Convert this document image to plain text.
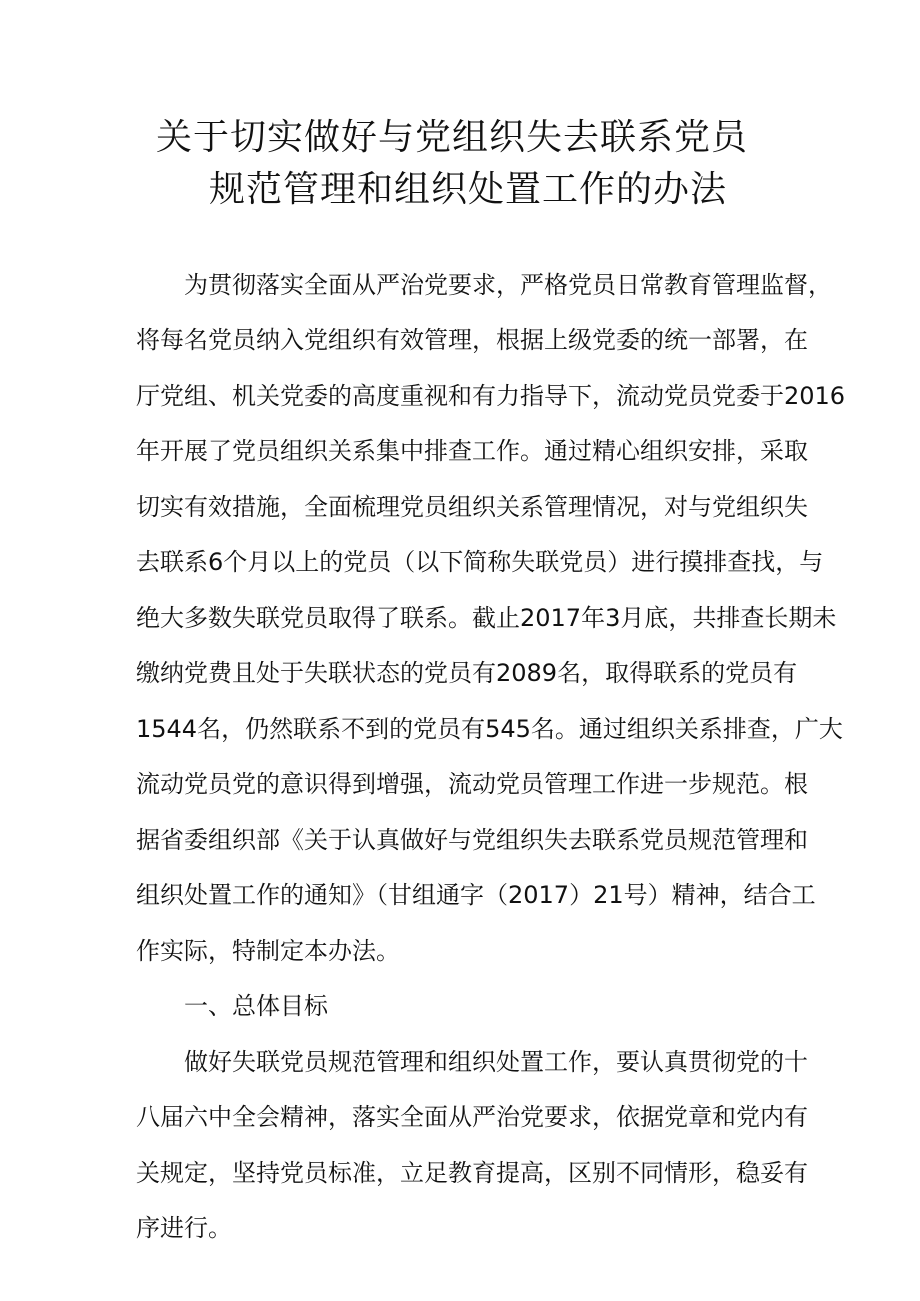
关于切实做好与党组织失去联系党员
规范管理和组织处置工作的办法
为贯彻落实全面从严治党要求，严格党员日常教育管理监督，
将每名党员纳入党组织有效管理，根据上级党委的统一部署，在
厅党组、机关党委的高度重视和有力指导下，流动党员党委于2016
年开展了党员组织关系集中排查工作。通过精心组织安排，采取
切实有效措施，全面梳理党员组织关系管理情况，对与党组织失
去联系6个月以上的党员（以下简称失联党员）进行摸排查找，与
绝大多数失联党员取得了联系。截止2017年3月底，共排查长期未
缴纳党费且处于失联状态的党员有2089名，取得联系的党员有
1544名，仍然联系不到的党员有545名。通过组织关系排查，广大
流动党员党的意识得到增强，流动党员管理工作进一步规范。根
据省委组织部《关于认真做好与党组织失去联系党员规范管理和
组织处置工作的通知》（甘组通字（2017）21号）精神，结合工
作实际，特制定本办法。
一、总体目标
做好失联党员规范管理和组织处置工作，要认真贯彻党的十
八届六中全会精神，落实全面从严治党要求，依据党章和党内有
关规定，坚持党员标准，立足教育提高，区别不同情形，稳妥有
序进行。
